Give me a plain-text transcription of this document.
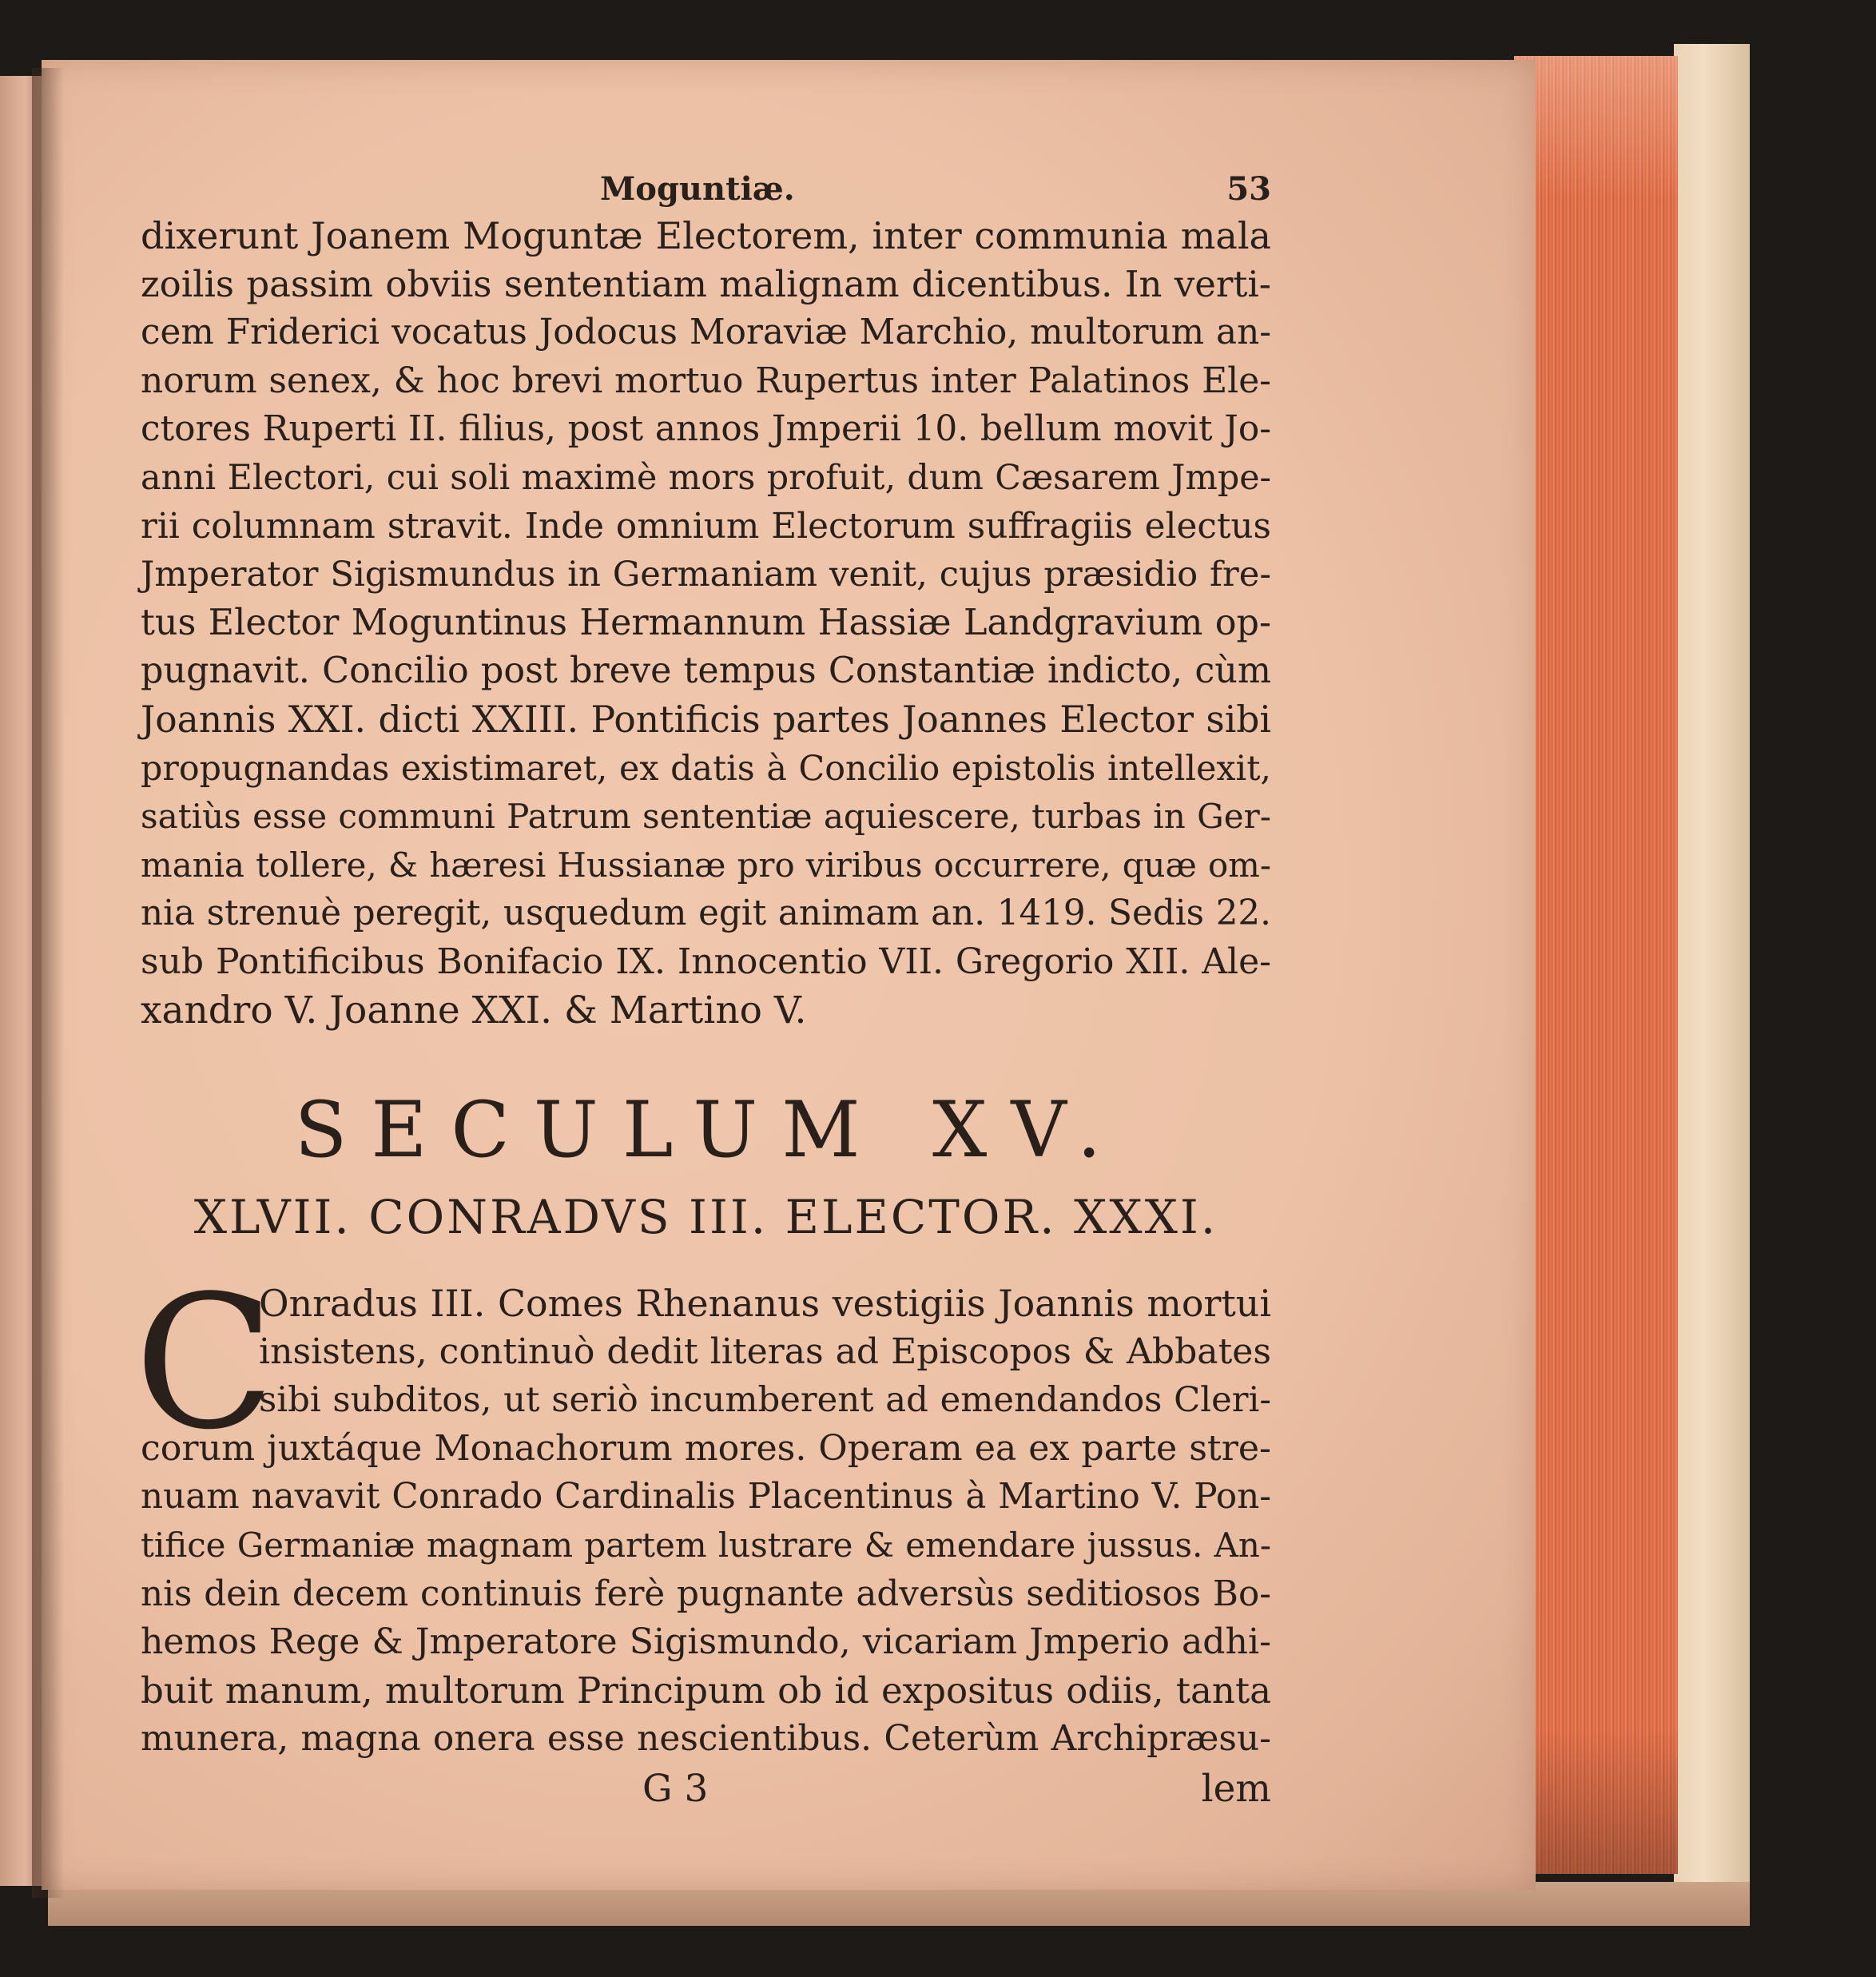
Moguntiæ.	53
dixerunt Joanem Moguntæ Electorem, inter communia mala
zoilis passim obviis sententiam malignam dicentibus. In verti-
cem Friderici vocatus Jodocus Moraviæ Marchio, multorum an-
norum senex, & hoc brevi mortuo Rupertus inter Palatinos Ele-
ctores Ruperti II. filius, post annos Jmperii 10. bellum movit Jo-
anni Electori, cui soli maximè mors profuit, dum Cæsarem Jmpe-
rii columnam stravit. Inde omnium Electorum suffragiis electus
Jmperator Sigismundus in Germaniam venit, cujus præsidio fre-
tus Elector Moguntinus Hermannum Hassiæ Landgravium op-
pugnavit. Concilio post breve tempus Constantiæ indicto, cùm
Joannis XXI. dicti XXIII. Pontificis partes Joannes Elector sibi
propugnandas existimaret, ex datis à Concilio epistolis intellexit,
satiùs esse communi Patrum sententiæ aquiescere, turbas in Ger-
mania tollere, & hæresi Hussianæ pro viribus occurrere, quæ om-
nia strenuè peregit, usquedum egit animam an. 1419. Sedis 22.
sub Pontificibus Bonifacio IX. Innocentio VII. Gregorio XII. Ale-
xandro V. Joanne XXI. & Martino V.
SECULUM XV.
XLVII. CONRADVS III. ELECTOR. XXXI.
C
Onradus III. Comes Rhenanus vestigiis Joannis mortui
insistens, continuò dedit literas ad Episcopos & Abbates
sibi subditos, ut seriò incumberent ad emendandos Cleri-
corum juxtáque Monachorum mores. Operam ea ex parte stre-
nuam navavit Conrado Cardinalis Placentinus à Martino V. Pon-
tifice Germaniæ magnam partem lustrare & emendare jussus. An-
nis dein decem continuis ferè pugnante adversùs seditiosos Bo-
hemos Rege & Jmperatore Sigismundo, vicariam Jmperio adhi-
buit manum, multorum Principum ob id expositus odiis, tanta
munera, magna onera esse nescientibus. Ceterùm Archipræsu-
G 3	lem
